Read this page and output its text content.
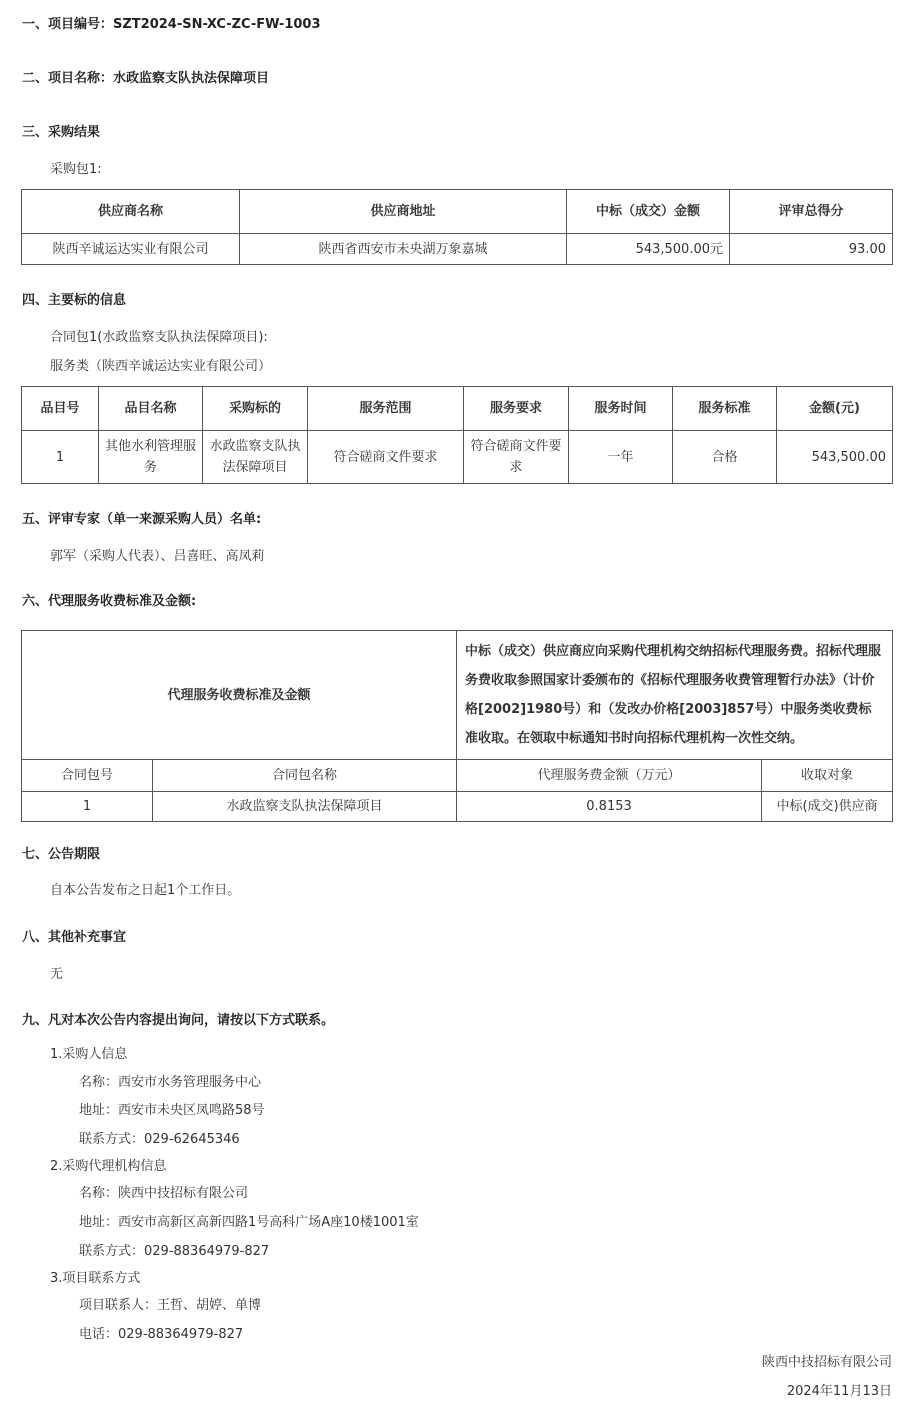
一、项目编号：SZT2024-SN-XC-ZC-FW-1003
二、项目名称：水政监察支队执法保障项目
三、采购结果
采购包1:
供应商名称	供应商地址	中标（成交）金额	评审总得分
陕西辛诚运达实业有限公司	陕西省西安市未央湖万象嘉城	543,500.00元	93.00
四、主要标的信息
合同包1(水政监察支队执法保障项目):
服务类（陕西辛诚运达实业有限公司）
品目号	品目名称	采购标的	服务范围	服务要求	服务时间	服务标准	金额(元)
1	其他水利管理服务	水政监察支队执法保障项目	符合磋商文件要求	符合磋商文件要求	一年	合格	543,500.00
五、评审专家（单一来源采购人员）名单:
郭军（采购人代表）、吕喜旺、高凤莉
六、代理服务收费标准及金额:
代理服务收费标准及金额		中标（成交）供应商应向采购代理机构交纳招标代理服务费。招标代理服务费收取参照国家计委颁布的《招标代理服务收费管理暂行办法》（计价格[2002]1980号）和（发改办价格[2003]857号）中服务类收费标准收取。在领取中标通知书时向招标代理机构一次性交纳。	
合同包号	合同包名称	代理服务费金额（万元）	收取对象
1	水政监察支队执法保障项目	0.8153	中标(成交)供应商
七、公告期限
自本公告发布之日起1个工作日。
八、其他补充事宜
无
九、凡对本次公告内容提出询问，请按以下方式联系。
1.采购人信息
名称：西安市水务管理服务中心
地址：西安市未央区凤鸣路58号
联系方式：029-62645346
2.采购代理机构信息
名称：陕西中技招标有限公司
地址：西安市高新区高新四路1号高科广场A座10楼1001室
联系方式：029-88364979-827
3.项目联系方式
项目联系人：王哲、胡婷、单博
电话：029-88364979-827
陕西中技招标有限公司
2024年11月13日
